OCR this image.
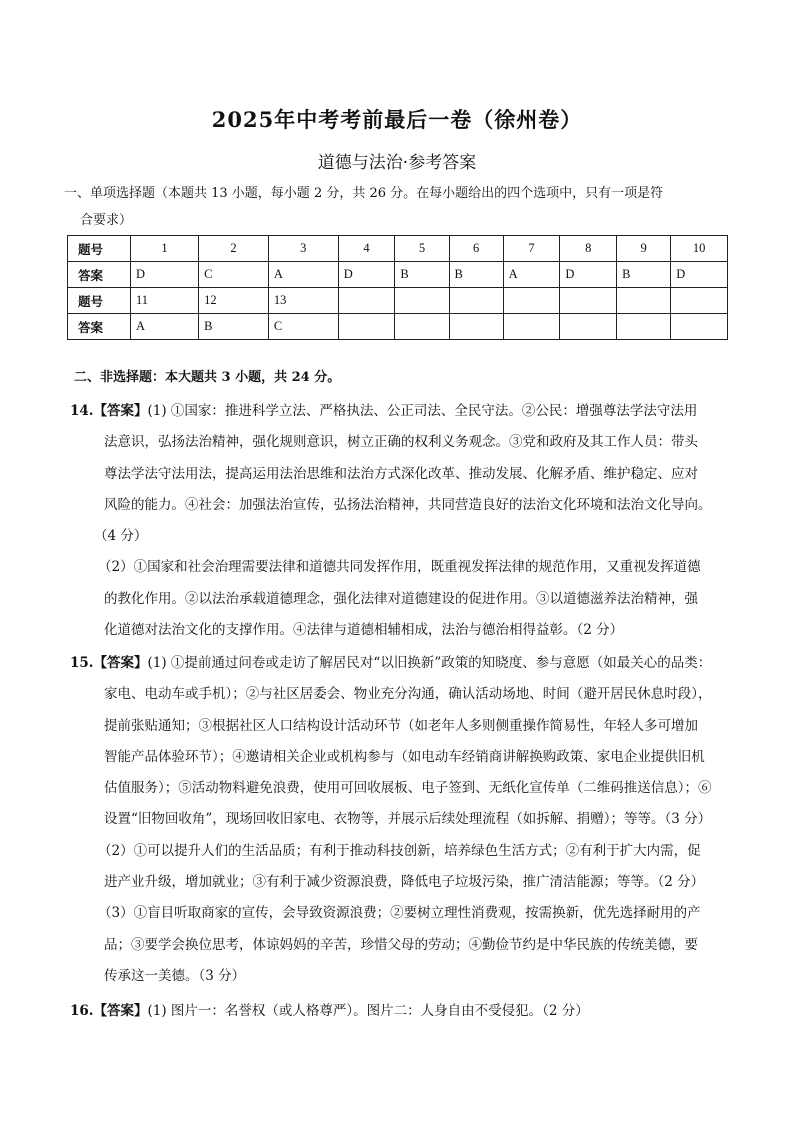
2025年中考考前最后一卷（徐州卷）
道德与法治·参考答案
一、单项选择题（本题共 13 小题，每小题 2 分，共 26 分。在每小题给出的四个选项中，只有一项是符
合要求）
题号	1	2	3	4	5	6	7	8	9	10
答案	D	C	A	D	B	B	A	D	B	D
题号	11	12	13							
答案	A	B	C							
二、非选择题：本大题共 3 小题，共 24 分。

14.【答案】(1) ①国家：推进科学立法、严格执法、公正司法、全民守法。②公民：增强尊法学法守法用

法意识，弘扬法治精神，强化规则意识，树立正确的权利义务观念。③党和政府及其工作人员：带头

尊法学法守法用法，提高运用法治思维和法治方式深化改革、推动发展、化解矛盾、维护稳定、应对

风险的能力。④社会：加强法治宣传，弘扬法治精神，共同营造良好的法治文化环境和法治文化导向。

（4 分）

（2）①国家和社会治理需要法律和道德共同发挥作用，既重视发挥法律的规范作用，又重视发挥道德

的教化作用。②以法治承载道德理念，强化法律对道德建设的促进作用。③以道德滋养法治精神，强

化道德对法治文化的支撑作用。④法律与道德相辅相成，法治与德治相得益彰。（2 分）

15.【答案】(1) ①提前通过问卷或走访了解居民对“以旧换新”政策的知晓度、参与意愿（如最关心的品类：

家电、电动车或手机）；②与社区居委会、物业充分沟通，确认活动场地、时间（避开居民休息时段），

提前张贴通知；③根据社区人口结构设计活动环节（如老年人多则侧重操作简易性，年轻人多可增加

智能产品体验环节）；④邀请相关企业或机构参与（如电动车经销商讲解换购政策、家电企业提供旧机

估值服务）；⑤活动物料避免浪费，使用可回收展板、电子签到、无纸化宣传单（二维码推送信息）；⑥

设置“旧物回收角”，现场回收旧家电、衣物等，并展示后续处理流程（如拆解、捐赠）；等等。（3 分）

（2）①可以提升人们的生活品质；有利于推动科技创新，培养绿色生活方式；②有利于扩大内需，促

进产业升级，增加就业；③有利于减少资源浪费，降低电子垃圾污染，推广清洁能源；等等。（2 分）

（3）①盲目听取商家的宣传，会导致资源浪费；②要树立理性消费观，按需换新，优先选择耐用的产

品；③要学会换位思考，体谅妈妈的辛苦，珍惜父母的劳动；④勤俭节约是中华民族的传统美德，要

传承这一美德。（3 分）

16.【答案】(1) 图片一：名誉权（或人格尊严）。图片二：人身自由不受侵犯。（2 分）
